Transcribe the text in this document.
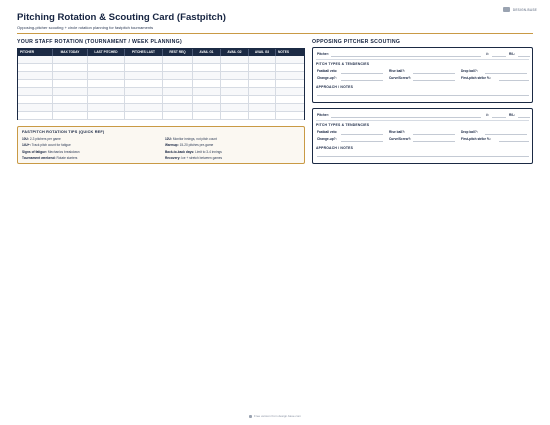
DESIGN.BASE
Pitching Rotation & Scouting Card (Fastpitch)
Opposing-pitcher scouting + circle rotation planning for fastpitch tournaments
YOUR STAFF ROTATION (TOURNAMENT / WEEK PLANNING)	OPPOSING PITCHER SCOUTING
PITCHER	MAX TODAY	LAST PITCHED	PITCHES LAST	REST REQ	AVAIL G1	AVAIL G2	AVAIL G3	NOTES
FASTPITCH ROTATION TIPS (QUICK REF)
10U: 2-3 pitchers per game
14U+: Track pitch count for fatigue
Signs of fatigue: Mechanics breakdown
Tournament weekend: Rotate starters
12U: Monitor innings, not pitch count
Warmup: 15-20 pitches pre-game
Back-to-back days: Limit to 3-4 innings
Recovery: Ice + stretch between games
Pitcher:	#:	R/L:
PITCH TYPES & TENDENCIES
Fastball velo:	Rise ball?:	Drop ball?:
Change-up?:	Curve/Screw?:	First-pitch strike %:
APPROACH / NOTES
Pitcher:	#:	R/L:
PITCH TYPES & TENDENCIES
Fastball velo:	Rise ball?:	Drop ball?:
Change-up?:	Curve/Screw?:	First-pitch strike %:
APPROACH / NOTES
Free version from design.base.com
